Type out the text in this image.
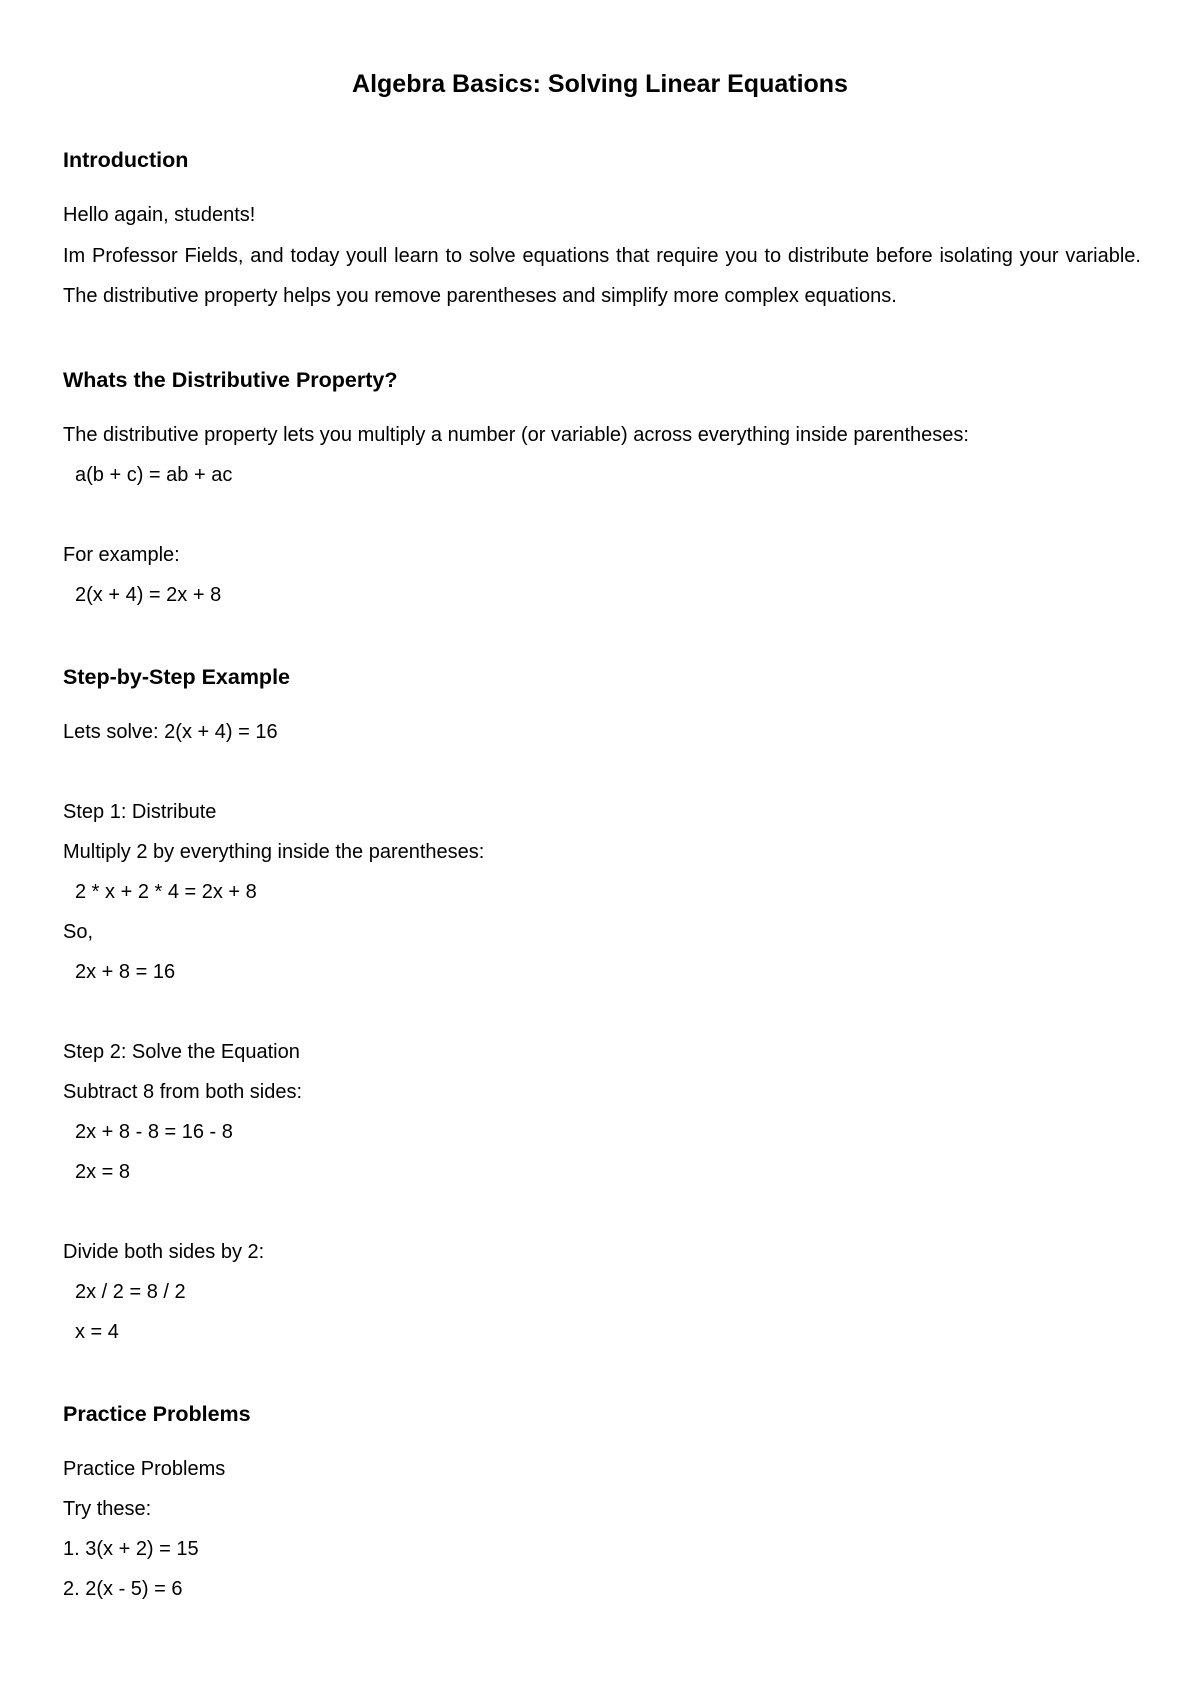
Algebra Basics: Solving Linear Equations
Introduction

Hello again, students!

Im Professor Fields, and today youll learn to solve equations that require you to distribute before isolating your variable. The distributive property helps you remove parentheses and simplify more complex equations.

Whats the Distributive Property?

The distributive property lets you multiply a number (or variable) across everything inside parentheses:

a(b + c) = ab + ac

For example:

2(x + 4) = 2x + 8

Step-by-Step Example

Lets solve: 2(x + 4) = 16

Step 1: Distribute

Multiply 2 by everything inside the parentheses:

2 * x + 2 * 4 = 2x + 8

So,

2x + 8 = 16

Step 2: Solve the Equation

Subtract 8 from both sides:

2x + 8 - 8 = 16 - 8

2x = 8

Divide both sides by 2:

2x / 2 = 8 / 2

x = 4

Practice Problems

Practice Problems

Try these:

1. 3(x + 2) = 15

2. 2(x - 5) = 6
